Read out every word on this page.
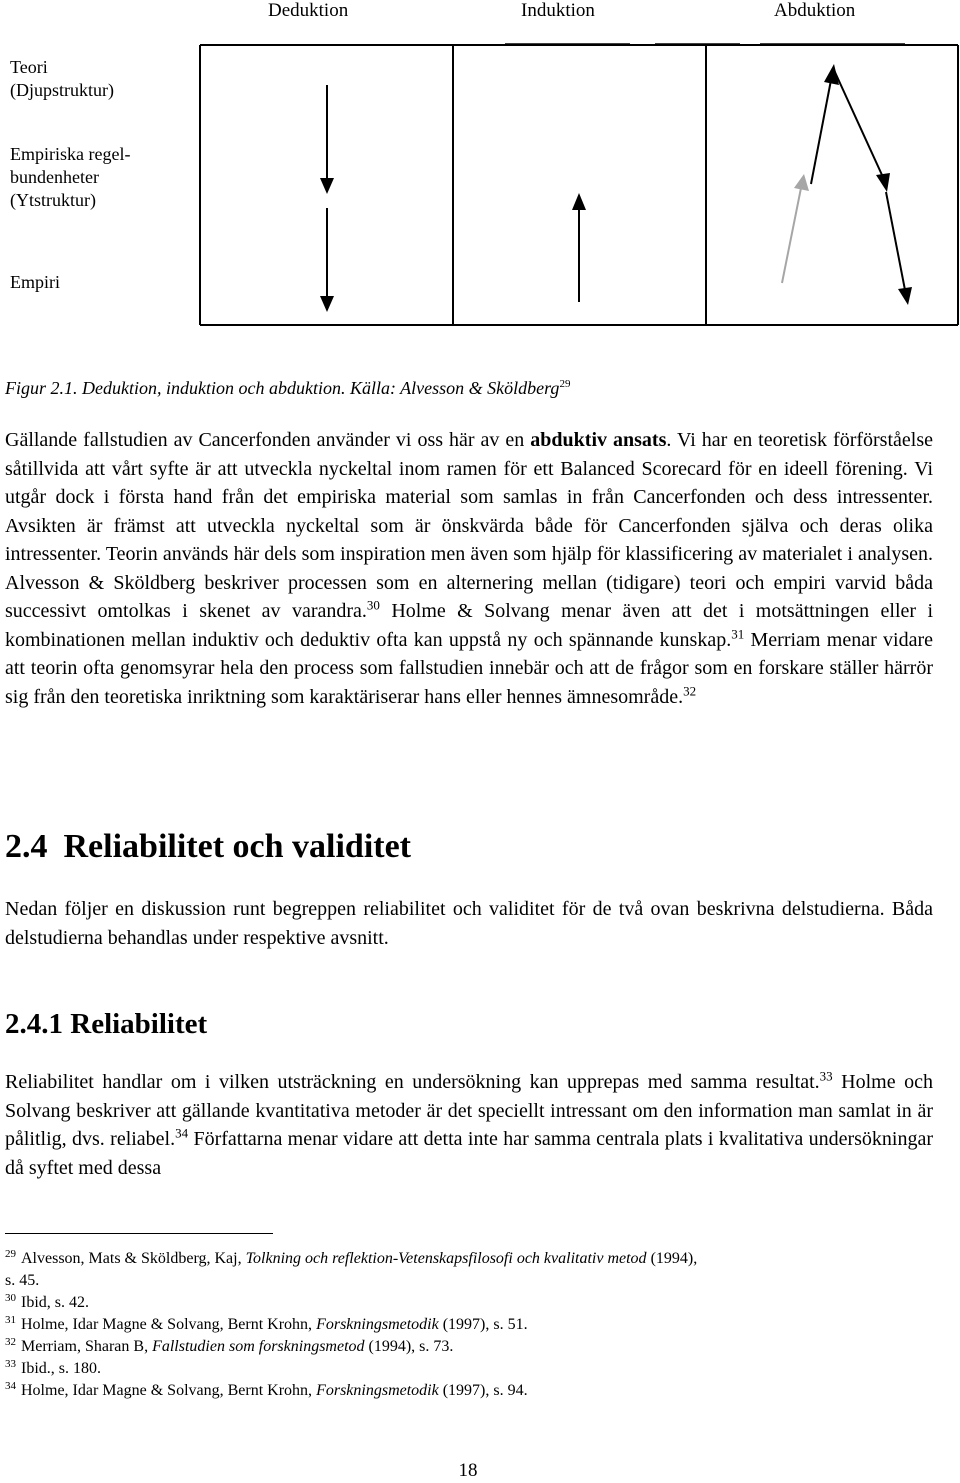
Deduktion	Induktion	Abduktion
Teori
(Djupstruktur)
Empiriska regel-
bundenheter
(Ytstruktur)
Empiri
Figur 2.1. Deduktion, induktion och abduktion. Källa: Alvesson & Sköldberg$^{29}$

Gällande fallstudien av Cancerfonden använder vi oss här av en abduktiv ansats. Vi har en teoretisk förförståelse såtillvida att vårt syfte är att utveckla nyckeltal inom ramen för ett Balanced Scorecard för en ideell förening. Vi utgår dock i första hand från det empiriska material som samlas in från Cancerfonden och dess intressenter. Avsikten är främst att utveckla nyckeltal som är önskvärda både för Cancerfonden själva och deras olika intressenter. Teorin används här dels som inspiration men även som hjälp för klassificering av materialet i analysen. Alvesson & Sköldberg beskriver processen som en alternering mellan (tidigare) teori och empiri varvid båda successivt omtolkas i skenet av varandra.$^{30}$ Holme & Solvang menar även att det i motsättningen eller i kombinationen mellan induktiv och deduktiv ofta kan uppstå ny och spännande kunskap.$^{31}$ Merriam menar vidare att teorin ofta genomsyrar hela den process som fallstudien innebär och att de frågor som en forskare ställer härrör sig från den teoretiska inriktning som karaktäriserar hans eller hennes ämnesområde.$^{32}$

2.4 Reliabilitet och validitet

Nedan följer en diskussion runt begreppen reliabilitet och validitet för de två ovan beskrivna delstudierna. Båda delstudierna behandlas under respektive avsnitt.

2.4.1 Reliabilitet

Reliabilitet handlar om i vilken utsträckning en undersökning kan upprepas med samma resultat.$^{33}$ Holme och Solvang beskriver att gällande kvantitativa metoder är det speciellt intressant om den information man samlat in är pålitlig, dvs. reliabel.$^{34}$ Författarna menar vidare att detta inte har samma centrala plats i kvalitativa undersökningar då syftet med dessa

$^{29}$ Alvesson, Mats & Sköldberg, Kaj, Tolkning och reflektion-Vetenskapsfilosofi och kvalitativ metod (1994),
s. 45.

$^{30}$ Ibid, s. 42.

$^{31}$ Holme, Idar Magne & Solvang, Bernt Krohn, Forskningsmetodik (1997), s. 51.

$^{32}$ Merriam, Sharan B, Fallstudien som forskningsmetod (1994), s. 73.

$^{33}$ Ibid., s. 180.

$^{34}$ Holme, Idar Magne & Solvang, Bernt Krohn, Forskningsmetodik (1997), s. 94.

18
